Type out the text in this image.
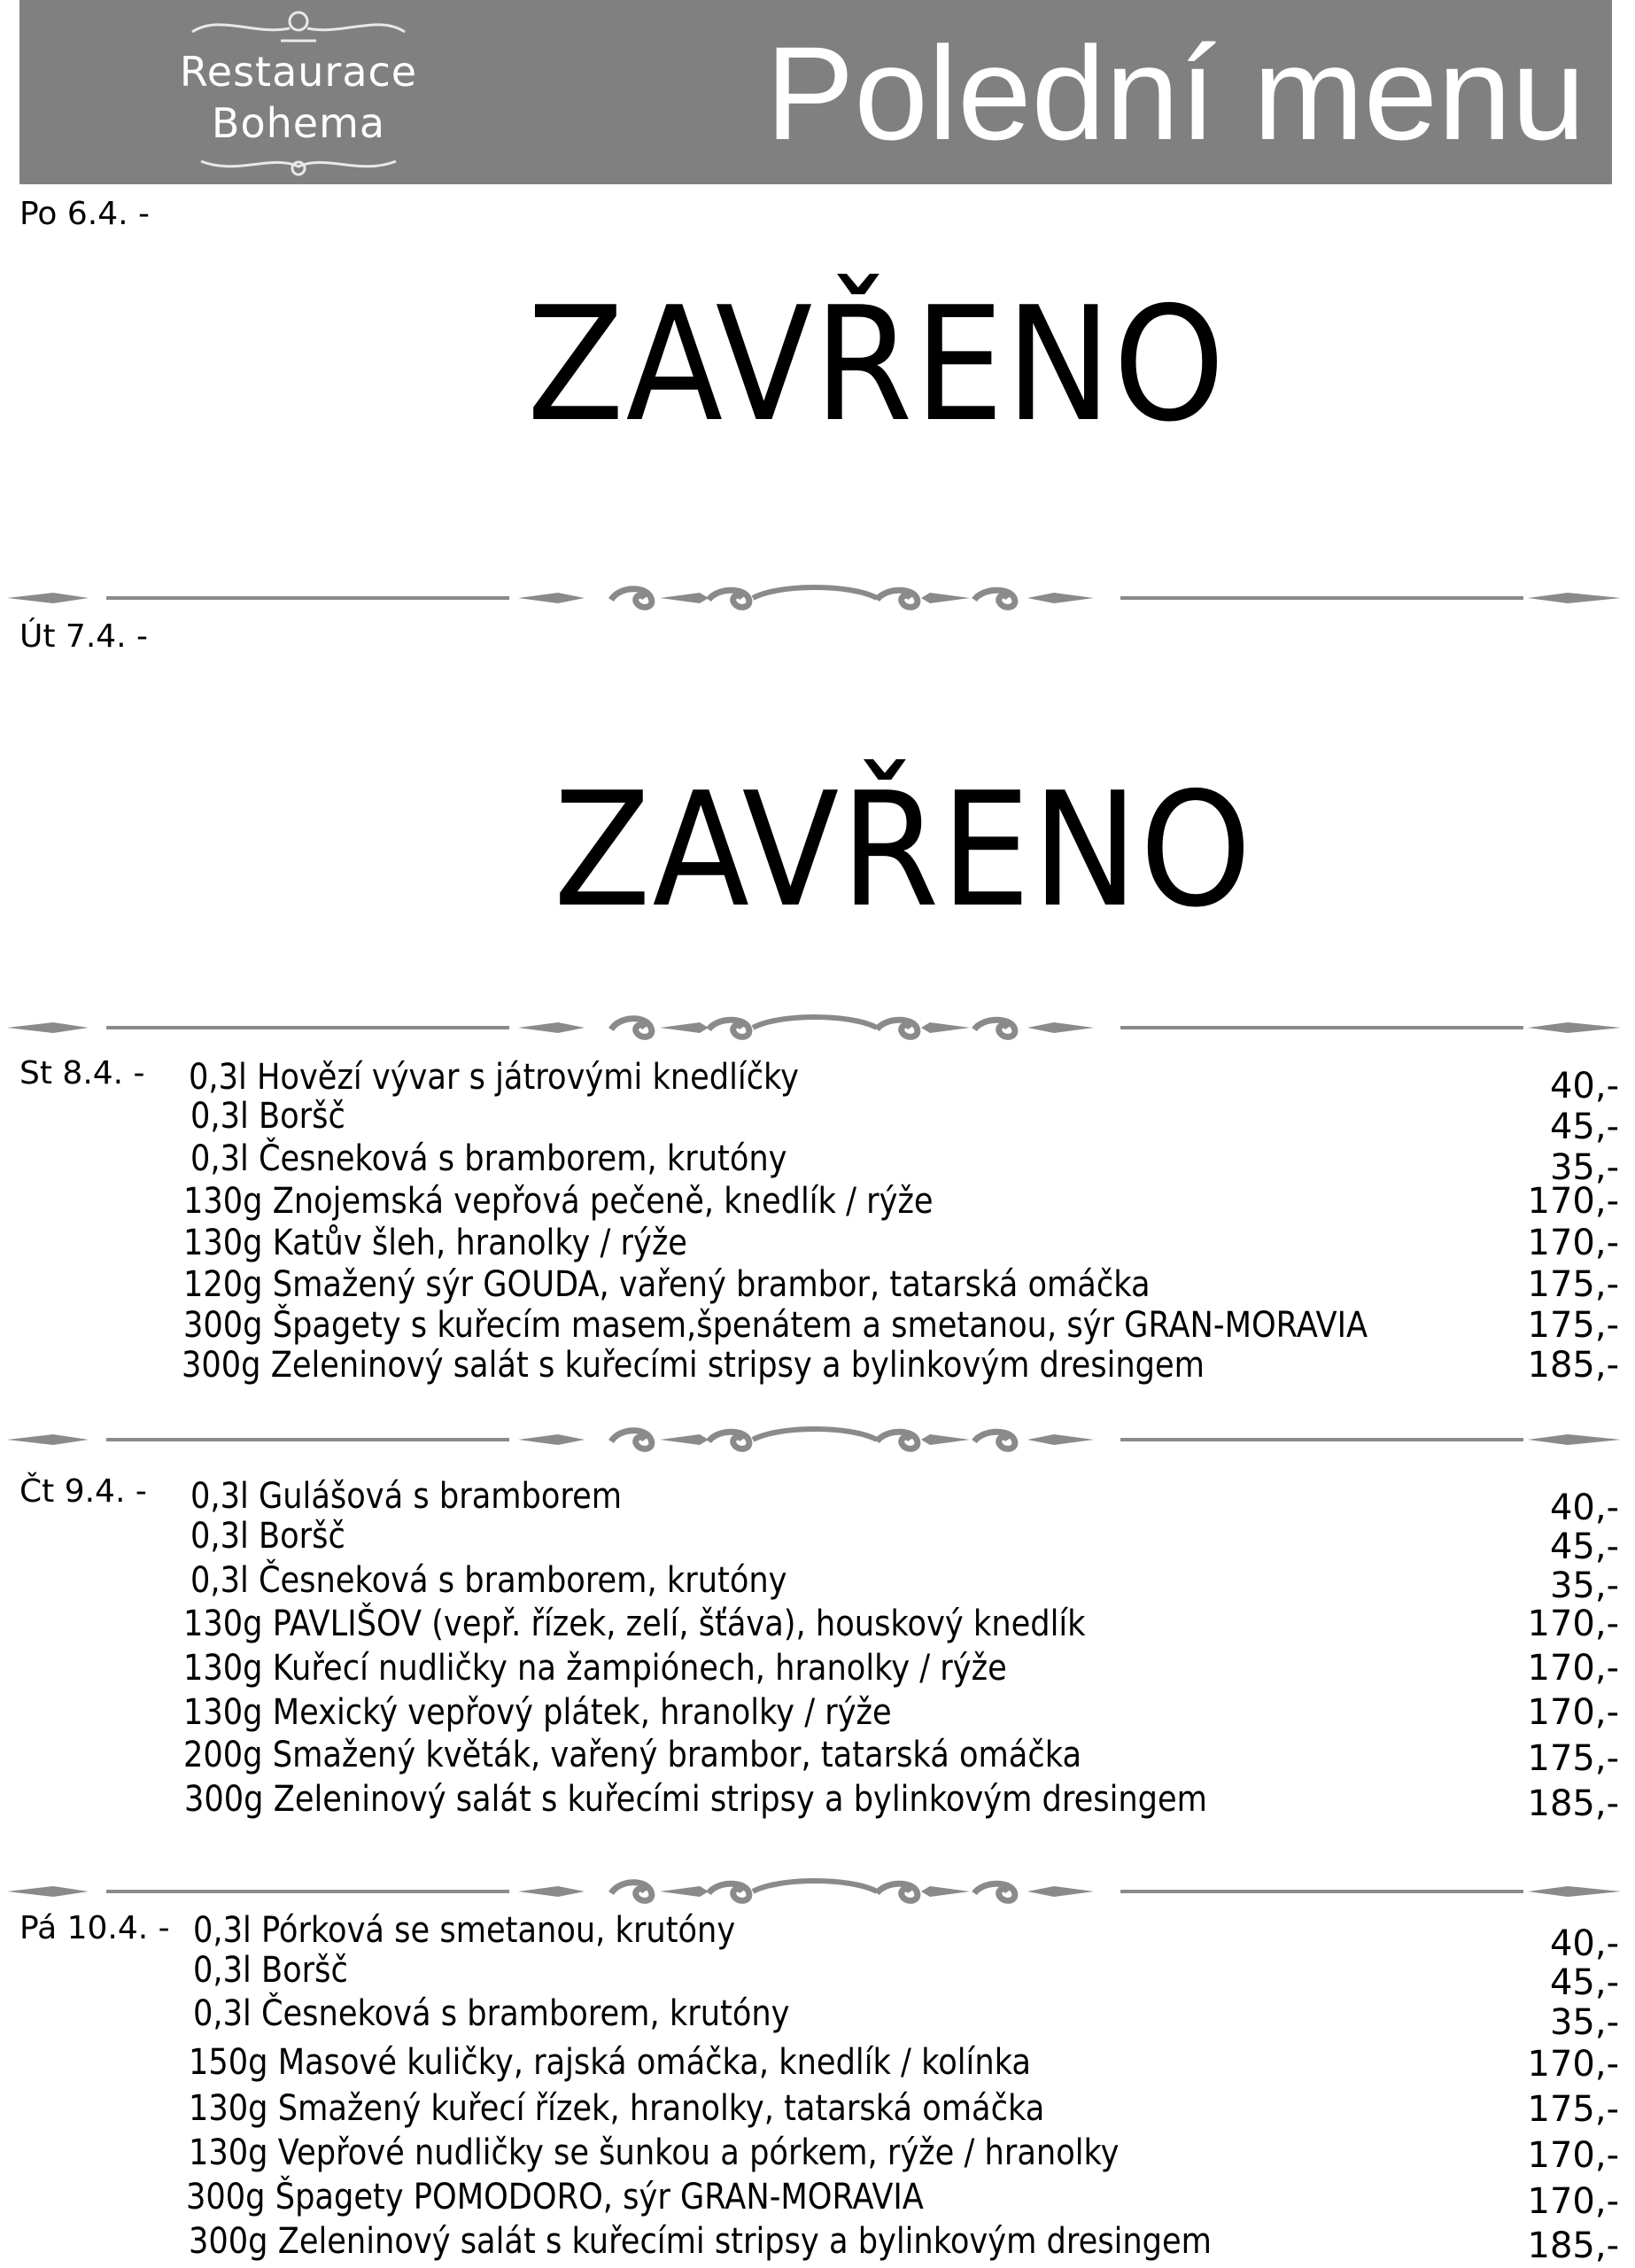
Restaurace
Bohema	Polední menu
Po 6.4. -
ZAVŘENO
Út 7.4. -
ZAVŘENO
St 8.4. - 0,3l Hovězí vývar s játrovými knedlíčky	40,-
0,3l Boršč	45,-
0,3l Česneková s bramborem, krutóny	35,-
130g Znojemská vepřová pečeně, knedlík / rýže	170,-
130g Katův šleh, hranolky / rýže	170,-
120g Smažený sýr GOUDA, vařený brambor, tatarská omáčka	175,-
300g Špagety s kuřecím masem,špenátem a smetanou, sýr GRAN-MORAVIA	175,-
300g Zeleninový salát s kuřecími stripsy a bylinkovým dresingem	185,-
Čt 9.4. - 0,3l Gulášová s bramborem	40,-
0,3l Boršč	45,-
0,3l Česneková s bramborem, krutóny	35,-
130g PAVLIŠOV (vepř. řízek, zelí, šťáva), houskový knedlík	170,-
130g Kuřecí nudličky na žampiónech, hranolky / rýže	170,-
130g Mexický vepřový plátek, hranolky / rýže	170,-
200g Smažený květák, vařený brambor, tatarská omáčka	175,-
300g Zeleninový salát s kuřecími stripsy a bylinkovým dresingem	185,-
Pá 10.4. - 0,3l Pórková se smetanou, krutóny	40,-
0,3l Boršč	45,-
0,3l Česneková s bramborem, krutóny	35,-
150g Masové kuličky, rajská omáčka, knedlík / kolínka	170,-
130g Smažený kuřecí řízek, hranolky, tatarská omáčka	175,-
130g Vepřové nudličky se šunkou a pórkem, rýže / hranolky	170,-
300g Špagety POMODORO, sýr GRAN-MORAVIA	170,-
300g Zeleninový salát s kuřecími stripsy a bylinkovým dresingem	185,-
